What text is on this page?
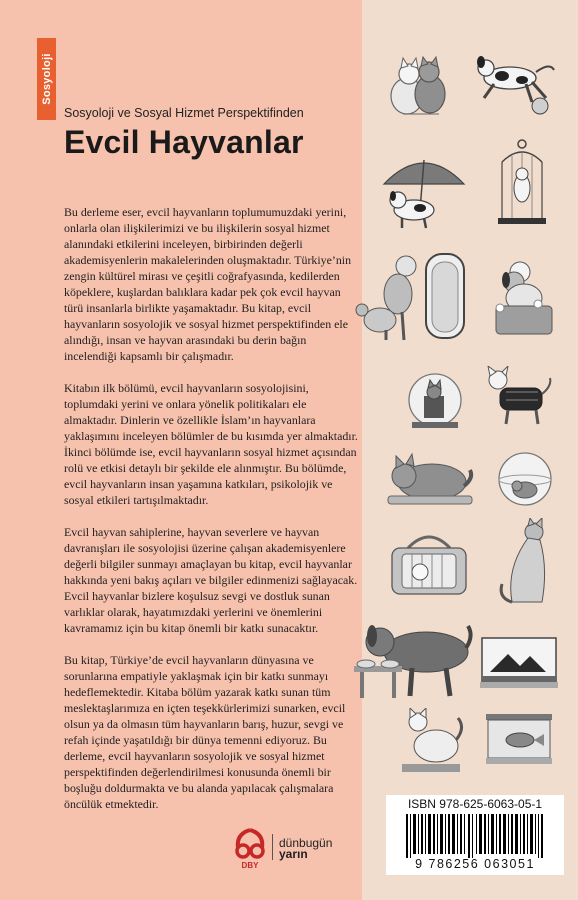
Sosyoloji
Sosyoloji ve Sosyal Hizmet Perspektifinden
Evcil Hayvanlar

Bu derleme eser, evcil hayvanların toplumumuzdaki yerini, onlarla olan ilişkilerimizi ve bu ilişkilerin sosyal hizmet alanındaki etkilerini inceleyen, birbirinden değerli akademisyenlerin makalelerinden oluşmaktadır. Türkiye’nin zengin kültürel mirası ve çeşitli coğrafyasında, kedilerden köpeklere, kuşlardan balıklara kadar pek çok evcil hayvan türü insanlarla birlikte yaşamaktadır. Bu kitap, evcil hayvanların sosyolojik ve sosyal hizmet perspektifinden ele alındığı, insan ve hayvan arasındaki bu derin bağın incelendiği kapsamlı bir çalışmadır.

Kitabın ilk bölümü, evcil hayvanların sosyolojisini, toplumdaki yerini ve onlara yönelik politikaları ele almaktadır. Dinlerin ve özellikle İslam’ın hayvanlara yaklaşımını inceleyen bölümler de bu kısımda yer almaktadır. İkinci bölümde ise, evcil hayvanların sosyal hizmet açısından rolü ve etkisi detaylı bir şekilde ele alınmıştır. Bu bölümde, evcil hayvanların insan yaşamına katkıları, psikolojik ve sosyal etkileri tartışılmaktadır.

Evcil hayvan sahiplerine, hayvan severlere ve hayvan davranışları ile sosyolojisi üzerine çalışan akademisyenlere değerli bilgiler sunmayı amaçlayan bu kitap, evcil hayvanlar hakkında yeni bakış açıları ve bilgiler edinmenizi sağlayacak. Evcil hayvanlar bizlere koşulsuz sevgi ve dostluk sunan varlıklar olarak, hayatımızdaki yerlerini ve önemlerini kavramamız için bu kitap önemli bir katkı sunacaktır.

Bu kitap, Türkiye’de evcil hayvanların dünyasına ve sorunlarına empatiyle yaklaşmak için bir katkı sunmayı hedeflemektedir. Kitaba bölüm yazarak katkı sunan tüm meslektaşlarımıza en içten teşekkürlerimizi sunarken, evcil olsun ya da olmasın tüm hayvanların barış, huzur, sevgi ve refah içinde yaşatıldığı bir dünya temenni ediyoruz. Bu derleme, evcil hayvanların sosyolojik ve sosyal hizmet perspektifinden değerlendirilmesi konusunda önemli bir boşluğu doldurmakta ve bu alanda yapılacak çalışmalara öncülük etmektedir.	ISBN 978-625-6063-05-1
9 786256 063051
DBY
dünbugün
yarın
